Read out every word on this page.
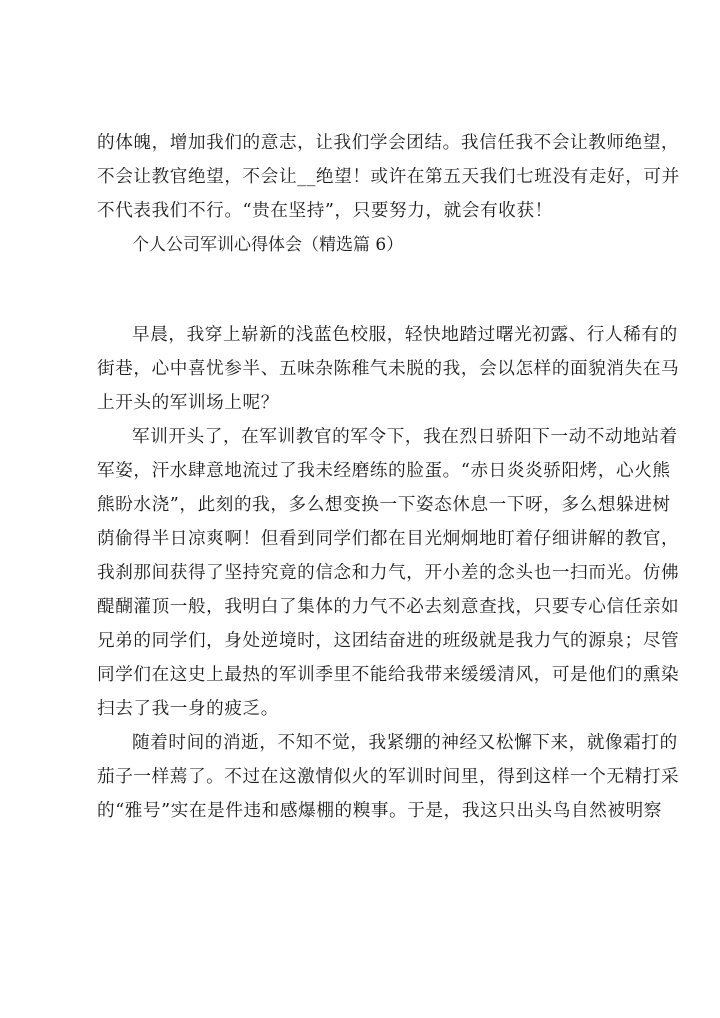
的体魄，增加我们的意志，让我们学会团结。我信任我不会让教师绝望，
不会让教官绝望，不会让__绝望！或许在第五天我们七班没有走好，可并
不代表我们不行。“贵在坚持”，只要努力，就会有收获！
个人公司军训心得体会（精选篇 6）
早晨，我穿上崭新的浅蓝色校服，轻快地踏过曙光初露、行人稀有的
街巷，心中喜忧参半、五味杂陈稚气未脱的我，会以怎样的面貌消失在马
上开头的军训场上呢？
军训开头了，在军训教官的军令下，我在烈日骄阳下一动不动地站着
军姿，汗水肆意地流过了我未经磨练的脸蛋。“赤日炎炎骄阳烤，心火熊
熊盼水浇”，此刻的我，多么想变换一下姿态休息一下呀，多么想躲进树
荫偷得半日凉爽啊！但看到同学们都在目光炯炯地盯着仔细讲解的教官，
我刹那间获得了坚持究竟的信念和力气，开小差的念头也一扫而光。仿佛
醍醐灌顶一般，我明白了集体的力气不必去刻意查找，只要专心信任亲如
兄弟的同学们，身处逆境时，这团结奋进的班级就是我力气的源泉；尽管
同学们在这史上最热的军训季里不能给我带来缓缓清风，可是他们的熏染
扫去了我一身的疲乏。
随着时间的消逝，不知不觉，我紧绷的神经又松懈下来，就像霜打的
茄子一样蔫了。不过在这激情似火的军训时间里，得到这样一个无精打采
的“雅号”实在是件违和感爆棚的糗事。于是，我这只出头鸟自然被明察
